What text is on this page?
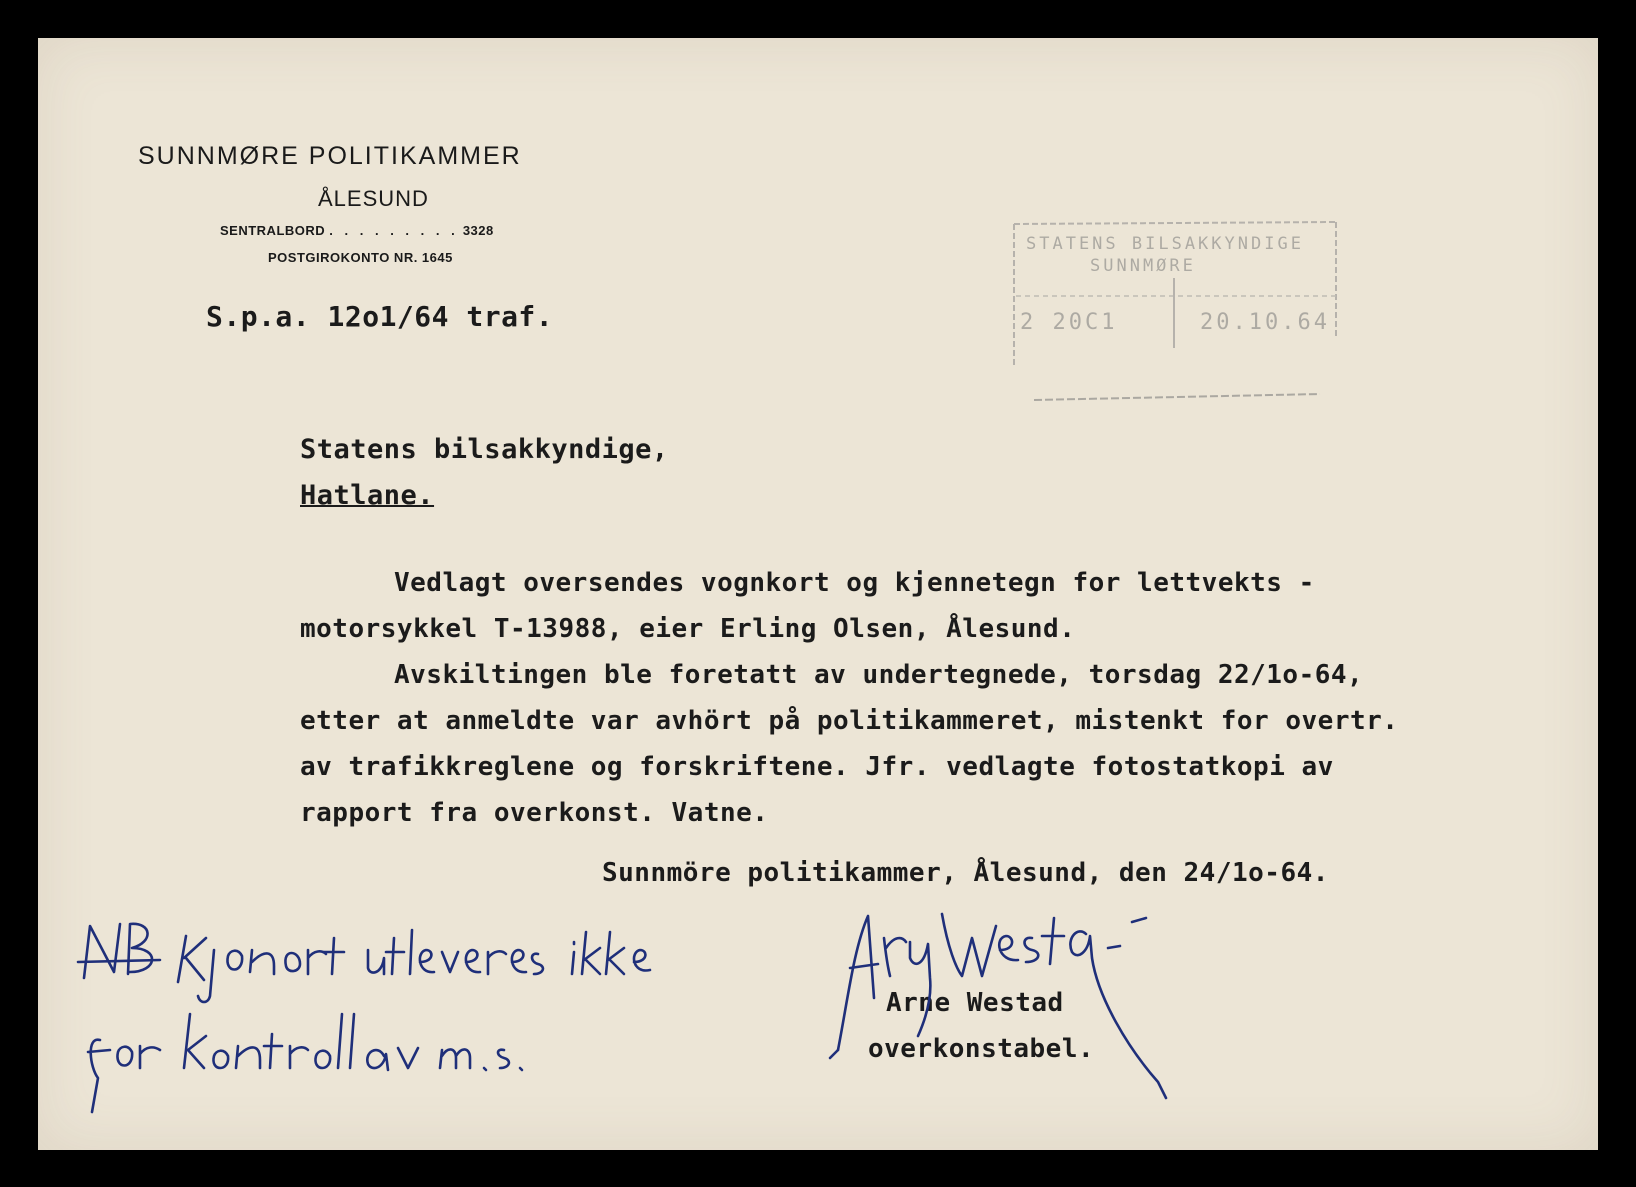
SUNNMØRE POLITIKAMMER
ÅLESUND
SENTRALBORD . . . . . . . . . 3328
POSTGIROKONTO NR. 1645
STATENS BILSAKKYNDIGE
SUNNMØRE
2 20C1	20.10.64
S.p.a. 12o1/64 traf.
Statens bilsakkyndige,
Hatlane.
Vedlagt oversendes vognkort og kjennetegn for lettvekts -
motorsykkel T-13988, eier Erling Olsen, Ålesund.
Avskiltingen ble foretatt av undertegnede, torsdag 22/1o-64,
etter at anmeldte var avhört på politikammeret, mistenkt for overtr.
av trafikkreglene og forskriftene. Jfr. vedlagte fotostatkopi av
rapport fra overkonst. Vatne.
Sunnmöre politikammer, Ålesund, den 24/1o-64.
Arne Westad
overkonstabel.
